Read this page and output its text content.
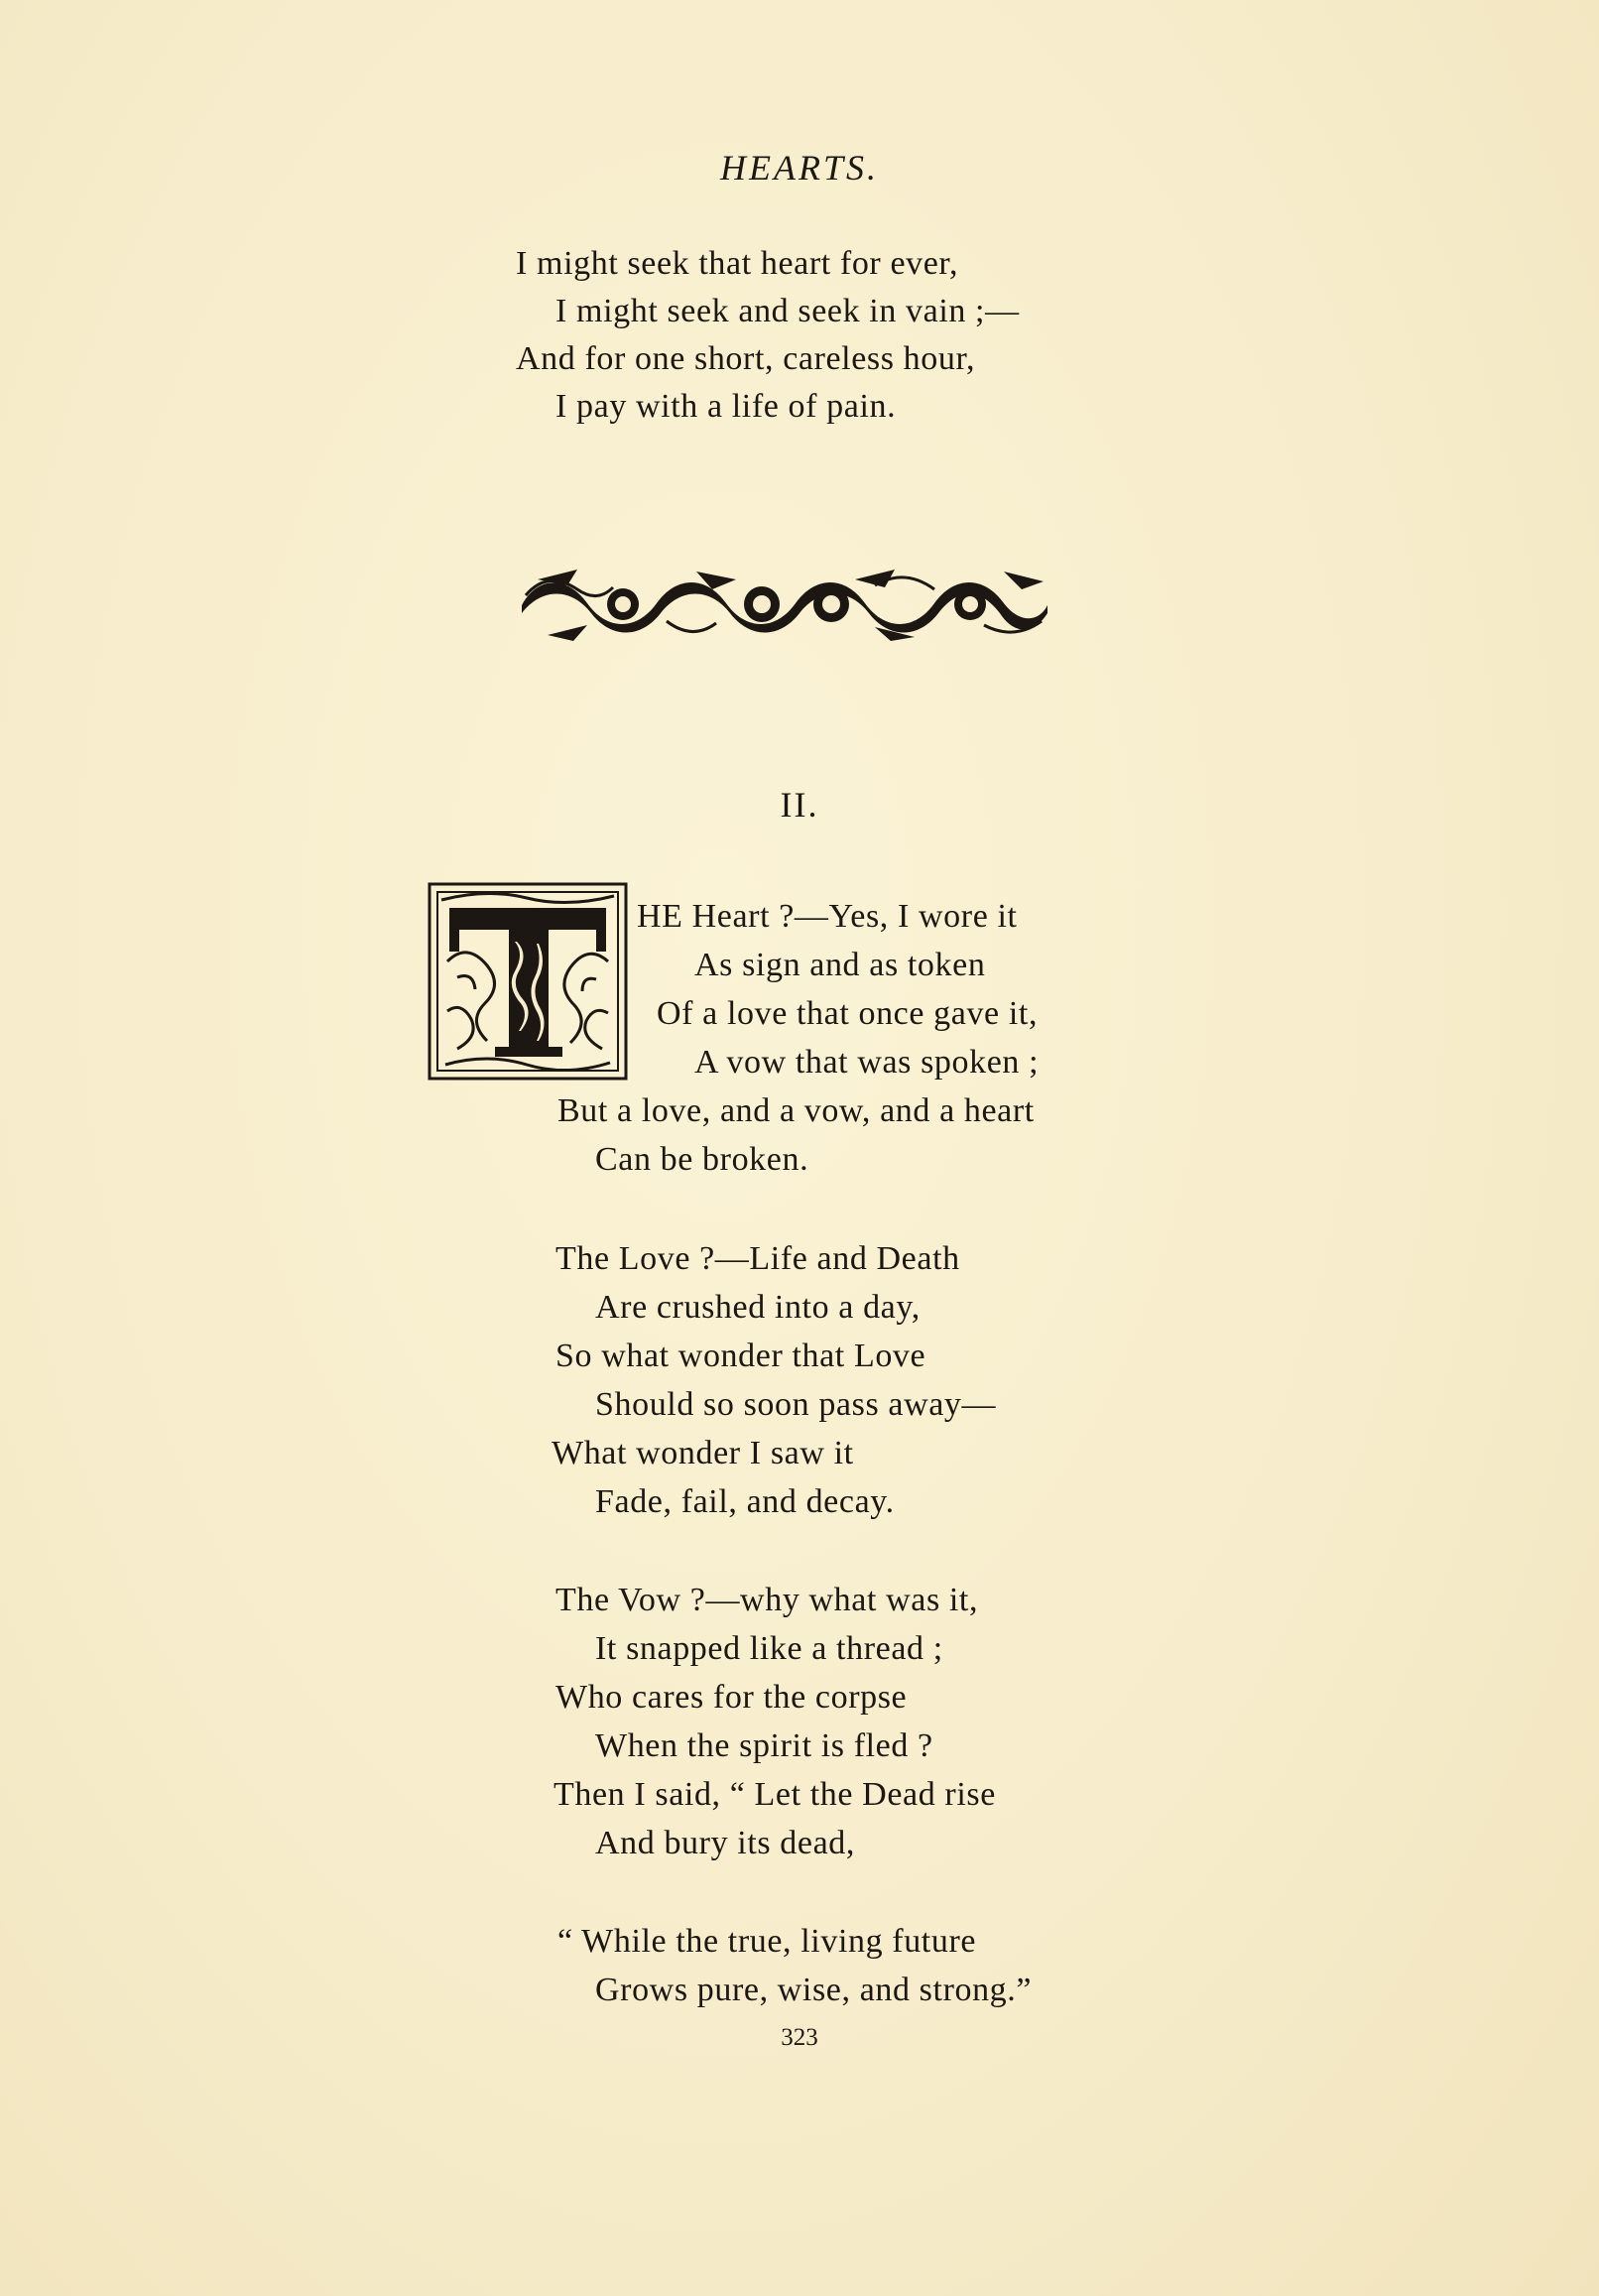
HEARTS.
I might seek that heart for ever,
I might seek and seek in vain ;—
And for one short, careless hour,
I pay with a life of pain.
II.
HE Heart ?—Yes, I wore it
As sign and as token
Of a love that once gave it,
A vow that was spoken ;
But a love, and a vow, and a heart
Can be broken.
The Love ?—Life and Death
Are crushed into a day,
So what wonder that Love
Should so soon pass away—
What wonder I saw it
Fade, fail, and decay.
The Vow ?—why what was it,
It snapped like a thread ;
Who cares for the corpse
When the spirit is fled ?
Then I said, “ Let the Dead rise
And bury its dead,
“ While the true, living future
Grows pure, wise, and strong.”
323
